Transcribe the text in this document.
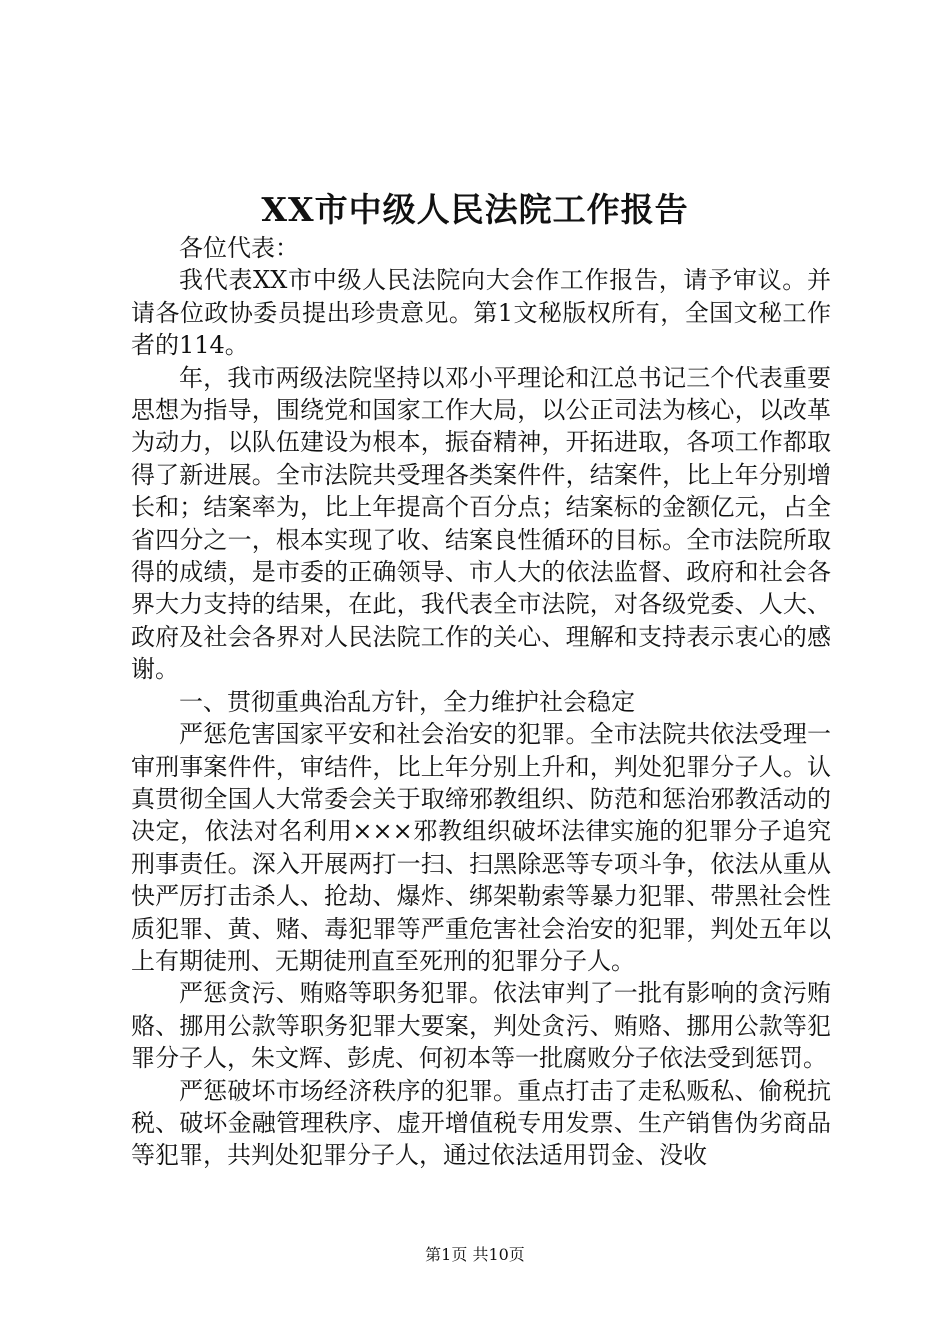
XX市中级人民法院工作报告

各位代表：

我代表XX市中级人民法院向大会作工作报告，请予审议。并请各位政协委员提出珍贵意见。第1文秘版权所有，全国文秘工作者的114。

年，我市两级法院坚持以邓小平理论和江总书记三个代表重要思想为指导，围绕党和国家工作大局，以公正司法为核心，以改革为动力，以队伍建设为根本，振奋精神，开拓进取，各项工作都取得了新进展。全市法院共受理各类案件件，结案件，比上年分别增长和；结案率为，比上年提高个百分点；结案标的金额亿元，占全省四分之一，根本实现了收、结案良性循环的目标。全市法院所取得的成绩，是市委的正确领导、市人大的依法监督、政府和社会各界大力支持的结果，在此，我代表全市法院，对各级党委、人大、政府及社会各界对人民法院工作的关心、理解和支持表示衷心的感谢。

一、贯彻重典治乱方针，全力维护社会稳定

严惩危害国家平安和社会治安的犯罪。全市法院共依法受理一审刑事案件件，审结件，比上年分别上升和，判处犯罪分子人。认真贯彻全国人大常委会关于取缔邪教组织、防范和惩治邪教活动的决定，依法对名利用×××邪教组织破坏法律实施的犯罪分子追究刑事责任。深入开展两打一扫、扫黑除恶等专项斗争，依法从重从快严厉打击杀人、抢劫、爆炸、绑架勒索等暴力犯罪、带黑社会性质犯罪、黄、赌、毒犯罪等严重危害社会治安的犯罪，判处五年以上有期徒刑、无期徒刑直至死刑的犯罪分子人。

严惩贪污、贿赂等职务犯罪。依法审判了一批有影响的贪污贿赂、挪用公款等职务犯罪大要案，判处贪污、贿赂、挪用公款等犯罪分子人，朱文辉、彭虎、何初本等一批腐败分子依法受到惩罚。

严惩破坏市场经济秩序的犯罪。重点打击了走私贩私、偷税抗税、破坏金融管理秩序、虚开增值税专用发票、生产销售伪劣商品等犯罪，共判处犯罪分子人，通过依法适用罚金、没收

第1页 共10页
